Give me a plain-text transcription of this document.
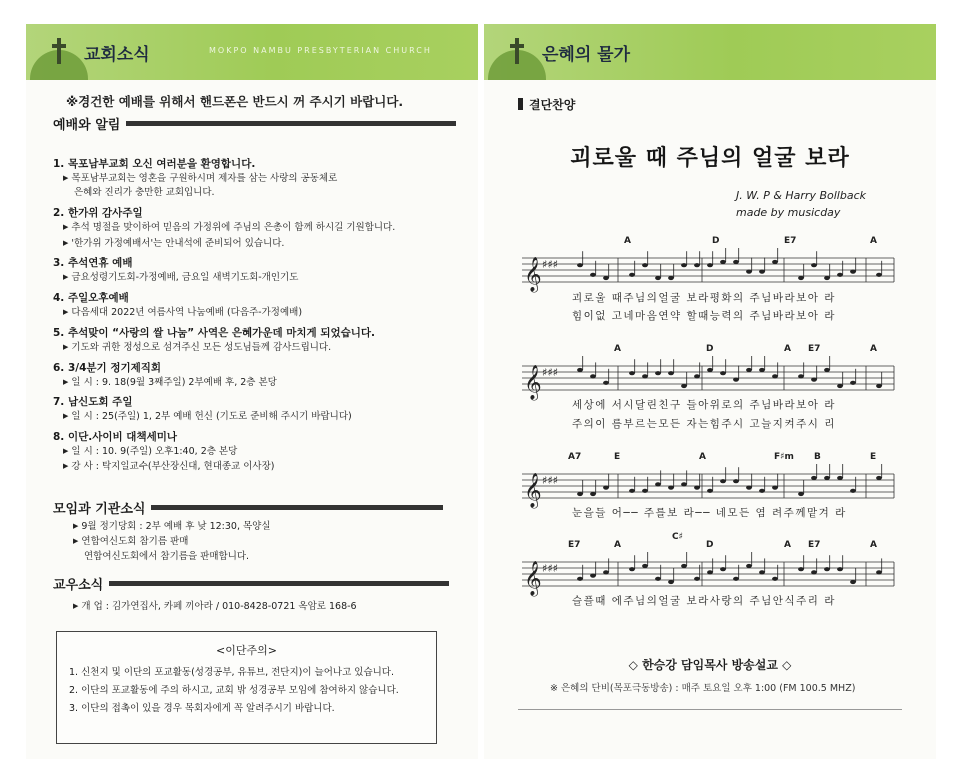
교회소식	MOKPO NAMBU PRESBYTERIAN CHURCH
※경건한 예배를 위해서 핸드폰은 반드시 꺼 주시기 바랍니다.
예배와 알림
1. 목포남부교회 오신 여러분을 환영합니다.
▶ 목포남부교회는 영혼을 구원하시며 제자를 삼는 사랑의 공동체로
은혜와 진리가 충만한 교회입니다.
2. 한가위 감사주일
▶ 추석 명절을 맞이하여 믿음의 가정위에 주님의 은총이 함께 하시길 기원합니다.
▶ '한가위 가정예배서'는 안내석에 준비되어 있습니다.
3. 추석연휴 예배
▶ 금요성령기도회-가정예배, 금요일 새벽기도회-개인기도
4. 주일오후예배
▶ 다음세대 2022년 여름사역 나눔예배 (다음주-가정예배)
5. 추석맞이 “사랑의 쌀 나눔” 사역은 은혜가운데 마치게 되었습니다.
▶ 기도와 귀한 정성으로 섬겨주신 모든 성도님들께 감사드립니다.
6. 3/4분기 정기제직회
▶ 일 시 : 9. 18(9월 3째주일) 2부예배 후, 2층 본당
7. 남신도회 주일
▶ 일 시 : 25(주일) 1, 2부 예배 헌신 (기도로 준비해 주시기 바랍니다)
8. 이단.사이비 대책세미나
▶ 일 시 : 10. 9(주일) 오후1:40, 2층 본당
▶ 강 사 : 탁지일교수(부산장신대, 현대종교 이사장)
모임과 기관소식
▶ 9월 정기당회 : 2부 예배 후 낮 12:30, 목양실
▶ 연합여신도회 참기름 판매
연합여신도회에서 참기름을 판매합니다.
교우소식
▶ 개 업 : 김가연집사, 카페 끼아라 / 010-8428-0721 옥암로 168-6
<이단주의>
1. 신천지 및 이단의 포교활동(성경공부, 유튜브, 전단지)이 늘어나고 있습니다.
2. 이단의 포교활동에 주의 하시고, 교회 밖 성경공부 모임에 참여하지 않습니다.
3. 이단의 접촉이 있을 경우 목회자에게 꼭 알려주시기 바랍니다.
은혜의 물가
결단찬양
괴로울 때 주님의 얼굴 보라
J. W. P & Harry Bollback
made by musicday
A	D	E7	A
𝄞 ♯♯♯
괴로울 때주님의얼굴 보라평화의 주님바라보아 라
힘이없 고네마음연약 할때능력의 주님바라보아 라
A	D	A E7	A
𝄞 ♯♯♯
세상에 서시달린친구 들아위로의 주님바라보아 라
주의이 름부르는모든 자는힘주시 고늘지켜주시 리
A7	E	A	F♯m B	E
𝄞 ♯♯♯
눈을들 어── 주를보 라── 네모든 염 려주께맡겨 라
E7	A
C♯
D	A E7	A
𝄞 ♯♯♯
슬플때 에주님의얼굴 보라사랑의 주님안식주리 라
◇ 한승강 담임목사 방송설교 ◇
※ 은혜의 단비(목포극동방송) : 매주 토요일 오후 1:00 (FM 100.5 MHZ)
